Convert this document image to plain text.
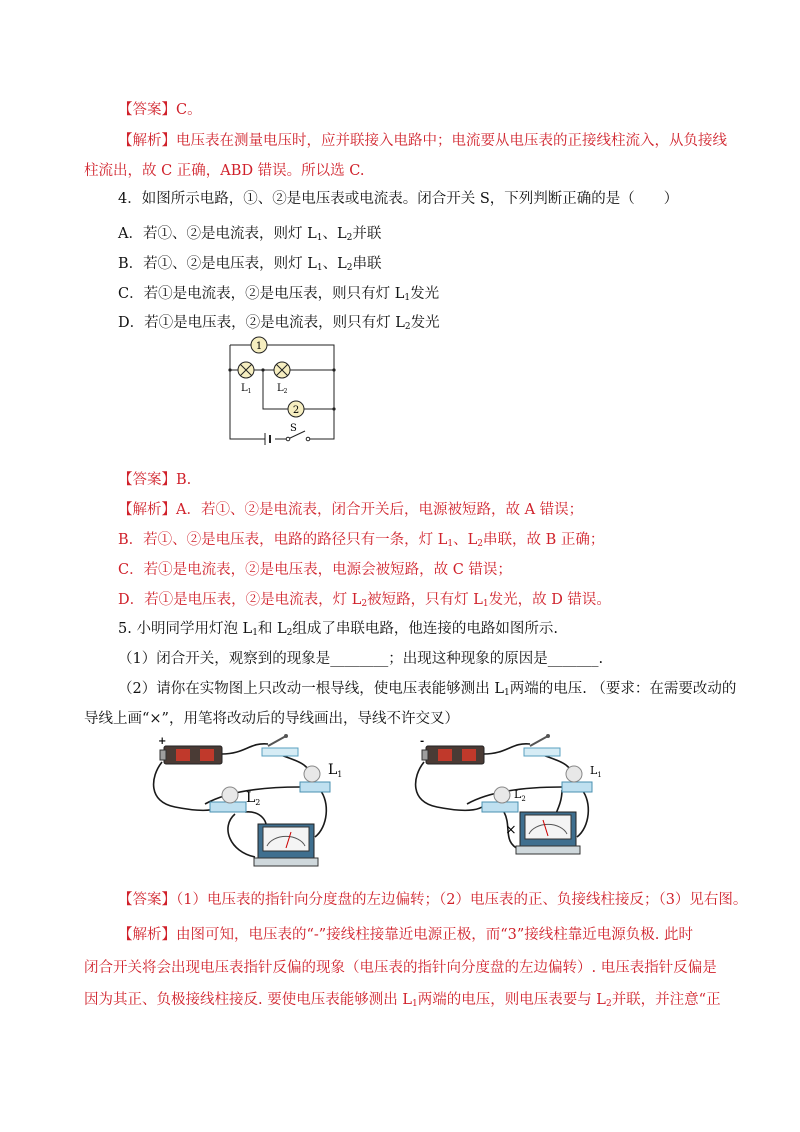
【答案】C。
【解析】电压表在测量电压时，应并联接入电路中；电流要从电压表的正接线柱流入，从负接线
柱流出，故 C 正确，ABD 错误。所以选 C.
4．如图所示电路，①、②是电压表或电流表。闭合开关 S，下列判断正确的是（　　）
A．若①、②是电流表，则灯 $L_1$、$L_2$并联
B．若①、②是电压表，则灯 $L_1$、$L_2$串联
C．若①是电流表，②是电压表，则只有灯 $L_1$发光
D．若①是电压表，②是电流表，则只有灯 $L_2$发光
1
2
$L_1$	$L_2$
S
【答案】B.
【解析】A．若①、②是电流表，闭合开关后，电源被短路，故 A 错误；
B．若①、②是电压表，电路的路径只有一条，灯 $L_1$、$L_2$串联，故 B 正确；
C．若①是电流表，②是电压表，电源会被短路，故 C 错误；
D．若①是电压表，②是电流表，灯 $L_2$被短路，只有灯 $L_1$发光，故 D 错误。
5. 小明同学用灯泡 $L_1$和 $L_2$组成了串联电路，他连接的电路如图所示.
（1）闭合开关，观察到的现象是________；出现这种现象的原因是_______.
（2）请你在实物图上只改动一根导线，使电压表能够测出 $L_1$两端的电压. （要求：在需要改动的
导线上画“×”，用笔将改动后的导线画出，导线不许交叉）
+
$L_1$
$L_2$
-
$L_1$
$L_2$
×
【答案】（1）电压表的指针向分度盘的左边偏转；（2）电压表的正、负接线柱接反；（3）见右图。
【解析】由图可知，电压表的“-”接线柱接靠近电源正极，而“3”接线柱靠近电源负极. 此时
闭合开关将会出现电压表指针反偏的现象（电压表的指针向分度盘的左边偏转）. 电压表指针反偏是
因为其正、负极接线柱接反. 要使电压表能够测出 $L_1$两端的电压，则电压表要与 $L_2$并联，并注意“正
